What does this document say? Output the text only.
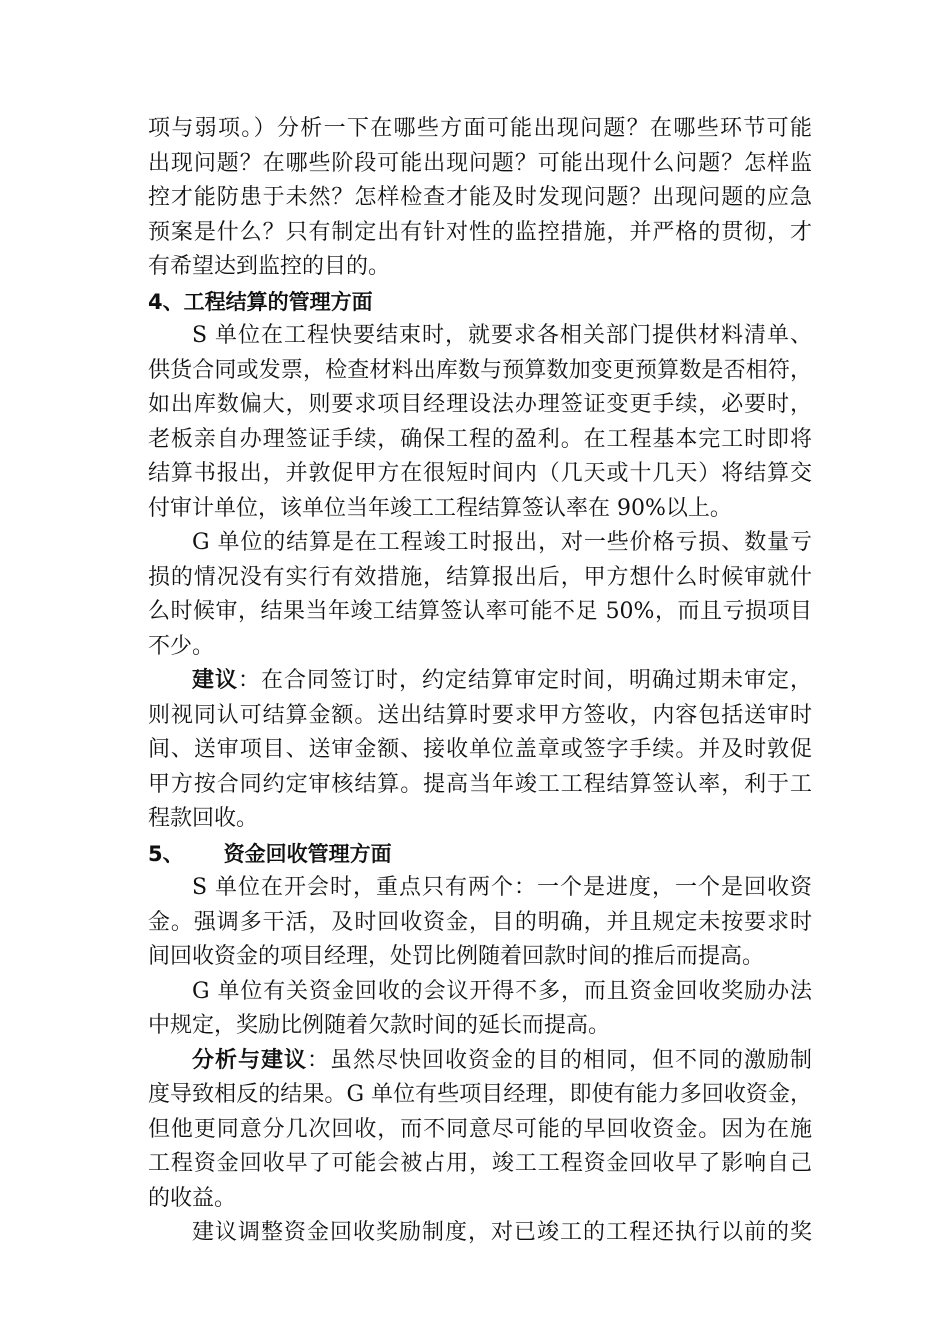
项与弱项。）分析一下在哪些方面可能出现问题？在哪些环节可能
出现问题？在哪些阶段可能出现问题？可能出现什么问题？怎样监
控才能防患于未然？怎样检查才能及时发现问题？出现问题的应急
预案是什么？只有制定出有针对性的监控措施，并严格的贯彻，才
有希望达到监控的目的。
4、工程结算的管理方面
S 单位在工程快要结束时，就要求各相关部门提供材料清单、
供货合同或发票，检查材料出库数与预算数加变更预算数是否相符，
如出库数偏大，则要求项目经理设法办理签证变更手续，必要时，
老板亲自办理签证手续，确保工程的盈利。在工程基本完工时即将
结算书报出，并敦促甲方在很短时间内（几天或十几天）将结算交
付审计单位，该单位当年竣工工程结算签认率在 90%以上。
G 单位的结算是在工程竣工时报出，对一些价格亏损、数量亏
损的情况没有实行有效措施，结算报出后，甲方想什么时候审就什
么时候审，结果当年竣工结算签认率可能不足 50%，而且亏损项目
不少。
建议：在合同签订时，约定结算审定时间，明确过期未审定，
则视同认可结算金额。送出结算时要求甲方签收，内容包括送审时
间、送审项目、送审金额、接收单位盖章或签字手续。并及时敦促
甲方按合同约定审核结算。提高当年竣工工程结算签认率，利于工
程款回收。
5、 资金回收管理方面
S 单位在开会时，重点只有两个：一个是进度，一个是回收资
金。强调多干活，及时回收资金，目的明确，并且规定未按要求时
间回收资金的项目经理，处罚比例随着回款时间的推后而提高。
G 单位有关资金回收的会议开得不多，而且资金回收奖励办法
中规定，奖励比例随着欠款时间的延长而提高。
分析与建议：虽然尽快回收资金的目的相同，但不同的激励制
度导致相反的结果。G 单位有些项目经理，即使有能力多回收资金，
但他更同意分几次回收，而不同意尽可能的早回收资金。因为在施
工程资金回收早了可能会被占用，竣工工程资金回收早了影响自己
的收益。
建议调整资金回收奖励制度，对已竣工的工程还执行以前的奖
